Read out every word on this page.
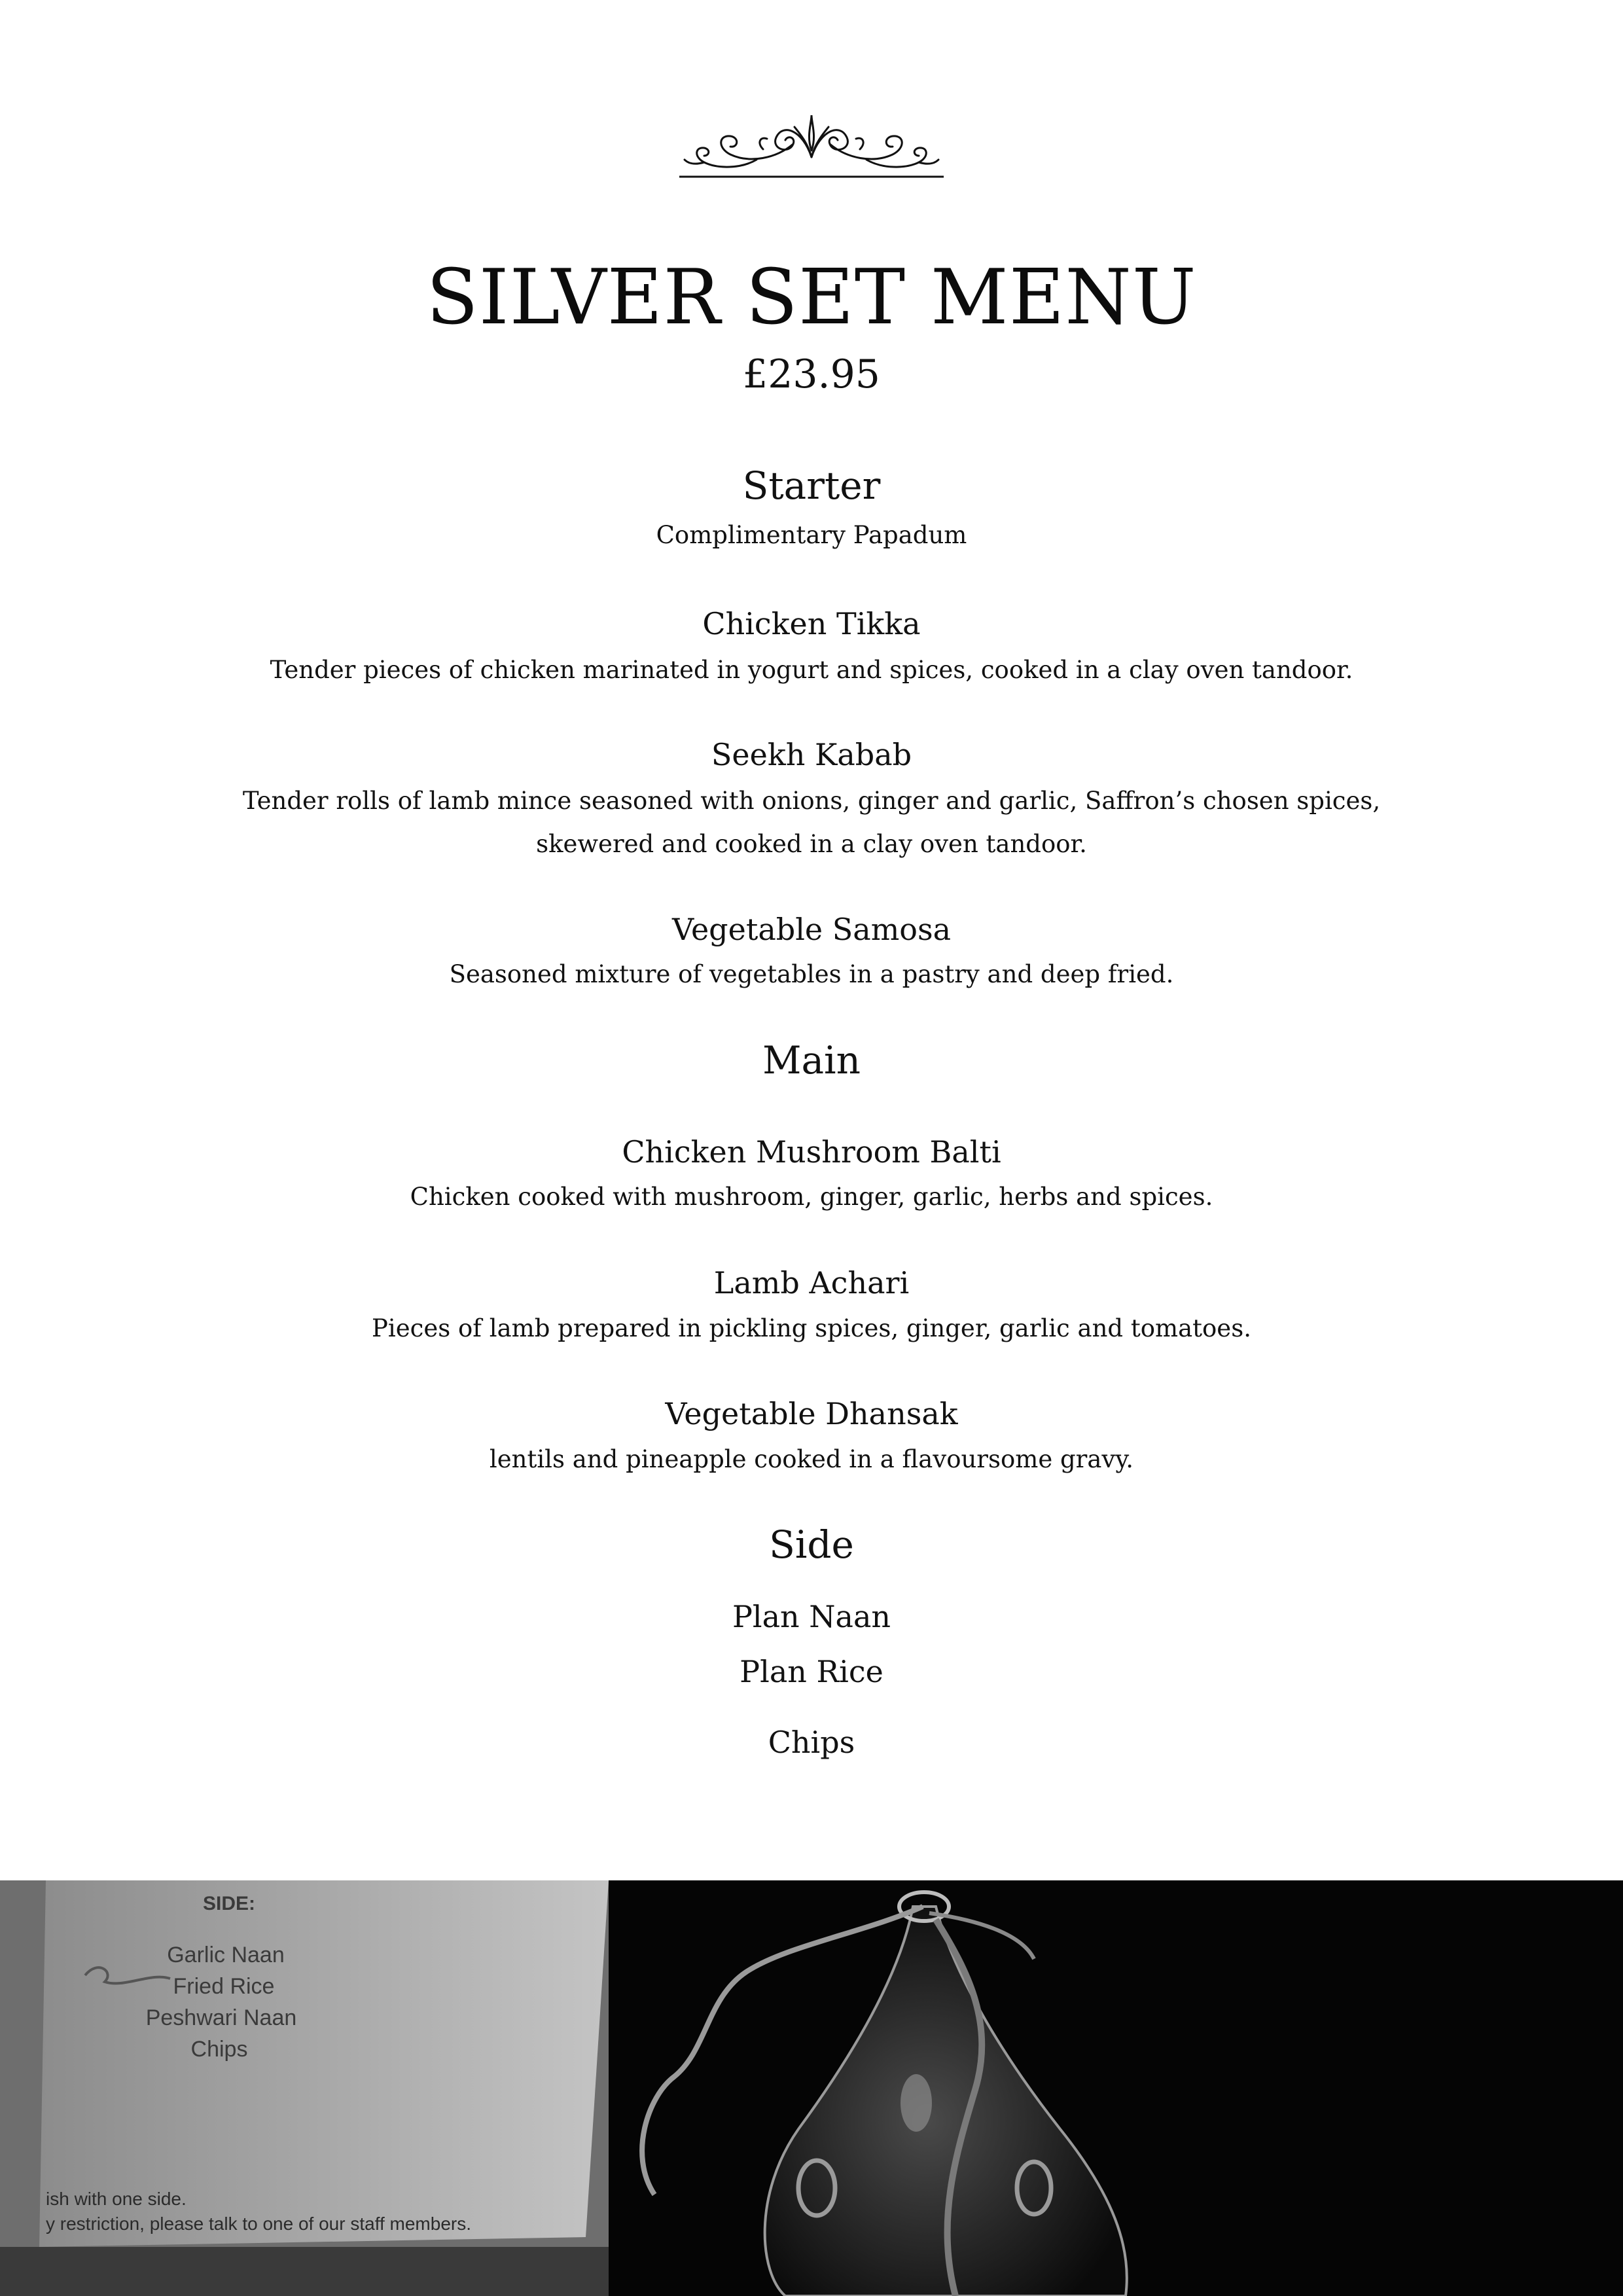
SILVER SET MENU
£23.95
Starter
Complimentary Papadum
Chicken Tikka
Tender pieces of chicken marinated in yogurt and spices, cooked in a clay oven tandoor.
Seekh Kabab
Tender rolls of lamb mince seasoned with onions, ginger and garlic, Saffron’s chosen spices, skewered and cooked in a clay oven tandoor.
Vegetable Samosa
Seasoned mixture of vegetables in a pastry and deep fried.
Main
Chicken Mushroom Balti
Chicken cooked with mushroom, ginger, garlic, herbs and spices.
Lamb Achari
Pieces of lamb prepared in pickling spices, ginger, garlic and tomatoes.
Vegetable Dhansak
lentils and pineapple cooked in a flavoursome gravy.
Side
Plan Naan
Plan Rice
Chips
SIDE:
Garlic Naan
Fried Rice
Peshwari Naan
Chips
ish with one side.
y restriction, please talk to one of our staff members.
